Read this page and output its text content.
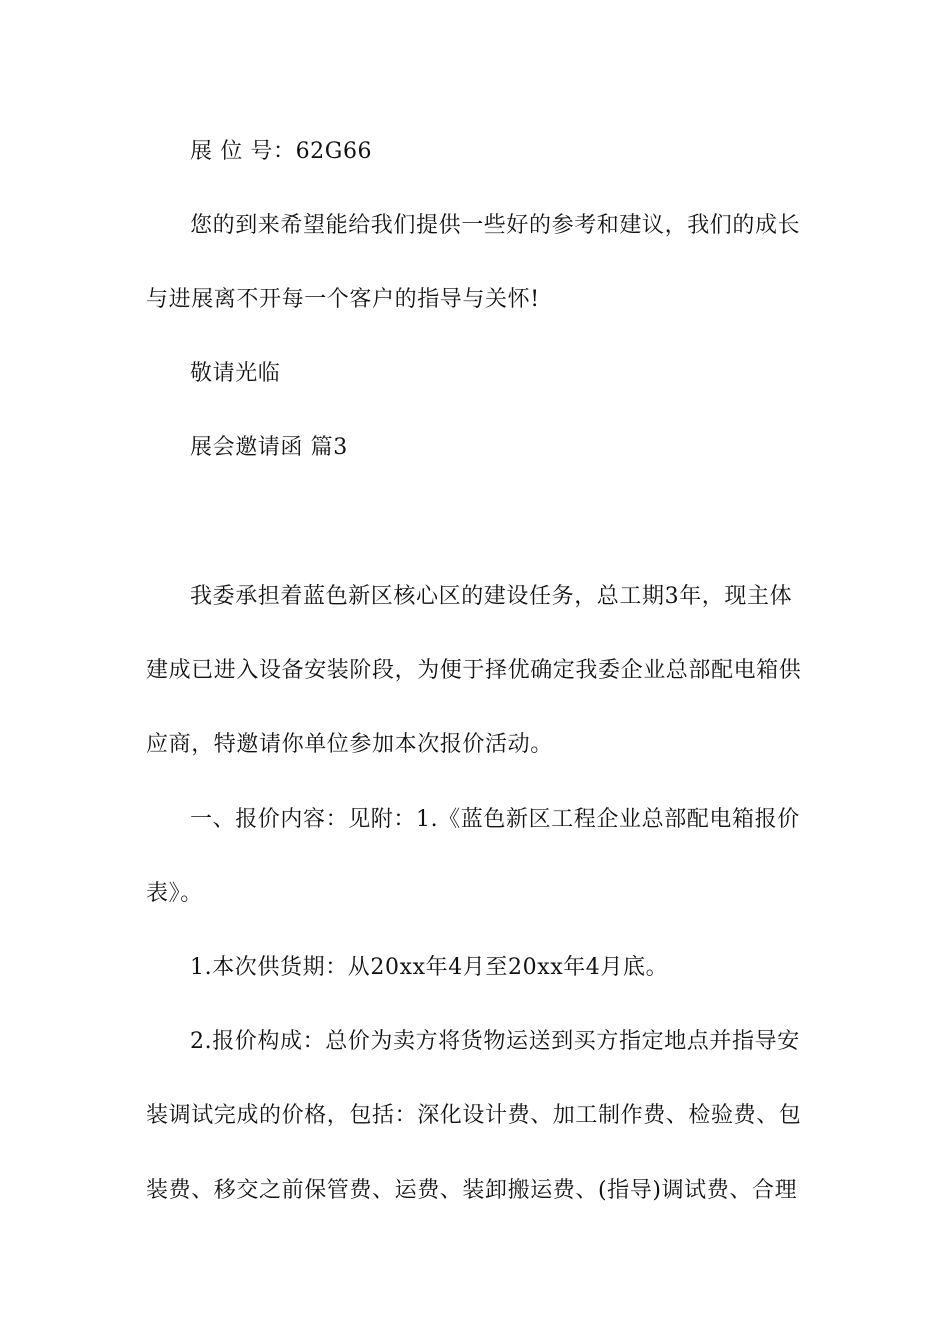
展 位 号：62G66
您的到来希望能给我们提供一些好的参考和建议，我们的成长
与进展离不开每一个客户的指导与关怀!
敬请光临
展会邀请函 篇3
我委承担着蓝色新区核心区的建设任务，总工期3年，现主体
建成已进入设备安装阶段，为便于择优确定我委企业总部配电箱供
应商，特邀请你单位参加本次报价活动。
一、报价内容：见附：1.《蓝色新区工程企业总部配电箱报价
表》。
1.本次供货期：从20xx年4月至20xx年4月底。
2.报价构成：总价为卖方将货物运送到买方指定地点并指导安
装调试完成的价格，包括：深化设计费、加工制作费、检验费、包
装费、移交之前保管费、运费、装卸搬运费、(指导)调试费、合理
